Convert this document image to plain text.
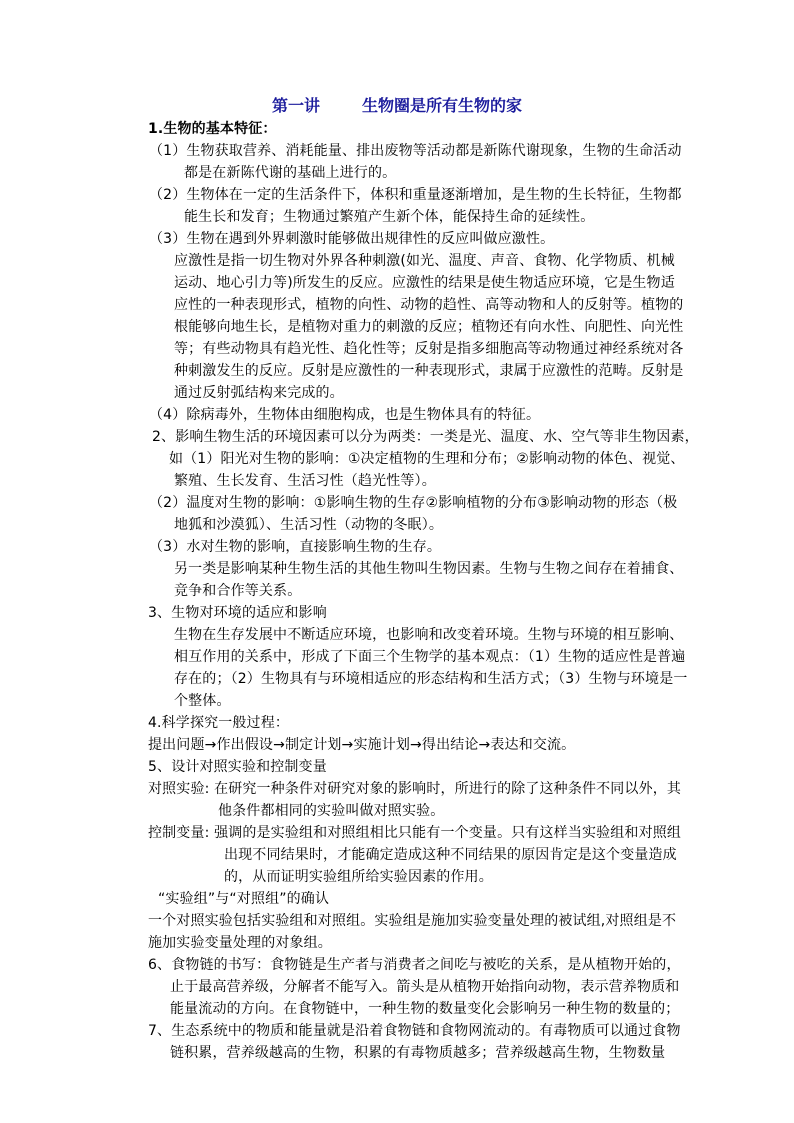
第一讲	生物圈是所有生物的家
1.生物的基本特征：
（1）生物获取营养、消耗能量、排出废物等活动都是新陈代谢现象，生物的生命活动
都是在新陈代谢的基础上进行的。
（2）生物体在一定的生活条件下，体积和重量逐渐增加，是生物的生长特征，生物都
能生长和发育；生物通过繁殖产生新个体，能保持生命的延续性。
（3）生物在遇到外界刺激时能够做出规律性的反应叫做应激性。
应激性是指一切生物对外界各种刺激(如光、温度、声音、食物、化学物质、机械
运动、地心引力等)所发生的反应。应激性的结果是使生物适应环境，它是生物适
应性的一种表现形式，植物的向性、动物的趋性、高等动物和人的反射等。植物的
根能够向地生长，是植物对重力的刺激的反应；植物还有向水性、向肥性、向光性
等；有些动物具有趋光性、趋化性等；反射是指多细胞高等动物通过神经系统对各
种刺激发生的反应。反射是应激性的一种表现形式，隶属于应激性的范畴。反射是
通过反射弧结构来完成的。
（4）除病毒外，生物体由细胞构成，也是生物体具有的特征。
2、影响生物生活的环境因素可以分为两类：一类是光、温度、水、空气等非生物因素，
如（1）阳光对生物的影响：①决定植物的生理和分布；②影响动物的体色、视觉、
繁殖、生长发育、生活习性（趋光性等）。
（2）温度对生物的影响：①影响生物的生存②影响植物的分布③影响动物的形态（极
地狐和沙漠狐）、生活习性（动物的冬眠）。
（3）水对生物的影响，直接影响生物的生存。
另一类是影响某种生物生活的其他生物叫生物因素。生物与生物之间存在着捕食、
竞争和合作等关系。
3、生物对环境的适应和影响
生物在生存发展中不断适应环境，也影响和改变着环境。生物与环境的相互影响、
相互作用的关系中，形成了下面三个生物学的基本观点：（1）生物的适应性是普遍
存在的；（2）生物具有与环境相适应的形态结构和生活方式；（3）生物与环境是一
个整体。
4.科学探究一般过程：
提出问题→作出假设→制定计划→实施计划→得出结论→表达和交流。
5、设计对照实验和控制变量
对照实验: 在研究一种条件对研究对象的影响时，所进行的除了这种条件不同以外，其
他条件都相同的实验叫做对照实验。
控制变量: 强调的是实验组和对照组相比只能有一个变量。只有这样当实验组和对照组
出现不同结果时，才能确定造成这种不同结果的原因肯定是这个变量造成
的，从而证明实验组所给实验因素的作用。
“实验组”与“对照组”的确认
一个对照实验包括实验组和对照组。实验组是施加实验变量处理的被试组,对照组是不
施加实验变量处理的对象组。
6、食物链的书写：食物链是生产者与消费者之间吃与被吃的关系，是从植物开始的，
止于最高营养级，分解者不能写入。箭头是从植物开始指向动物，表示营养物质和
能量流动的方向。在食物链中，一种生物的数量变化会影响另一种生物的数量的；
7、生态系统中的物质和能量就是沿着食物链和食物网流动的。有毒物质可以通过食物
链积累，营养级越高的生物，积累的有毒物质越多；营养级越高生物，生物数量
